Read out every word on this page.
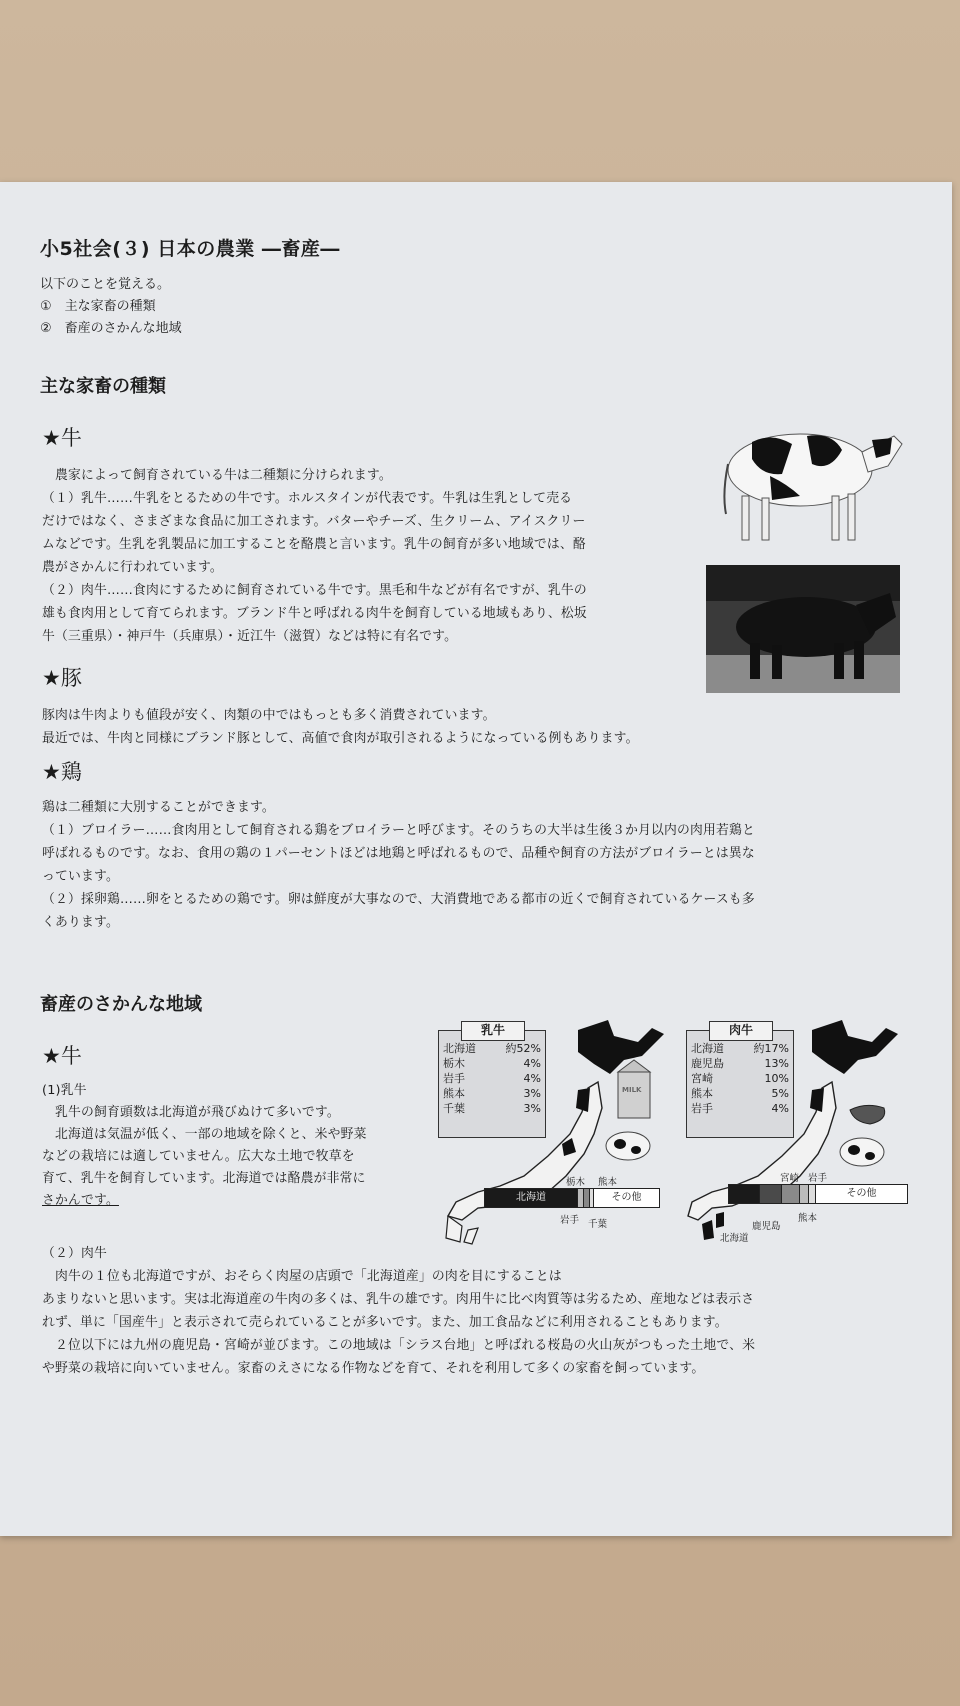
小5社会(３) 日本の農業 ―畜産―
以下のことを覚える。
①　主な家畜の種類
②　畜産のさかんな地域
主な家畜の種類
★牛

　農家によって飼育されている牛は二種類に分けられます。

（１）乳牛……牛乳をとるための牛です。ホルスタインが代表です。牛乳は生乳として売る

だけではなく、さまざまな食品に加工されます。バターやチーズ、生クリーム、アイスクリー

ムなどです。生乳を乳製品に加工することを酪農と言います。乳牛の飼育が多い地域では、酪

農がさかんに行われています。

（２）肉牛……食肉にするために飼育されている牛です。黒毛和牛などが有名ですが、乳牛の

雄も食肉用として育てられます。ブランド牛と呼ばれる肉牛を飼育している地域もあり、松坂

牛（三重県）・神戸牛（兵庫県）・近江牛（滋賀）などは特に有名です。

★豚

豚肉は牛肉よりも値段が安く、肉類の中ではもっとも多く消費されています。

最近では、牛肉と同様にブランド豚として、高値で食肉が取引されるようになっている例もあります。

★鶏

鶏は二種類に大別することができます。

（１）ブロイラー……食肉用として飼育される鶏をブロイラーと呼びます。そのうちの大半は生後３か月以内の肉用若鶏と

呼ばれるものです。なお、食用の鶏の１パーセントほどは地鶏と呼ばれるもので、品種や飼育の方法がブロイラーとは異な

っています。

（２）採卵鶏……卵をとるための鶏です。卵は鮮度が大事なので、大消費地である都市の近くで飼育されているケースも多

くあります。

畜産のさかんな地域
★牛

(1)乳牛

　乳牛の飼育頭数は北海道が飛びぬけて多いです。

　北海道は気温が低く、一部の地域を除くと、米や野菜

などの栽培には適していません。広大な土地で牧草を

育て、乳牛を飼育しています。北海道では酪農が非常に

さかんです。

（２）肉牛

　肉牛の１位も北海道ですが、おそらく肉屋の店頭で「北海道産」の肉を目にすることは

あまりないと思います。実は北海道産の牛肉の多くは、乳牛の雄です。肉用牛に比べ肉質等は劣るため、産地などは表示さ

れず、単に「国産牛」と表示されて売られていることが多いです。また、加工食品などに利用されることもあります。

　２位以下には九州の鹿児島・宮崎が並びます。この地域は「シラス台地」と呼ばれる桜島の火山灰がつもった土地で、米

や野菜の栽培に向いていません。家畜のえさになる作物などを育て、それを利用して多くの家畜を飼っています。

乳牛
北海道	約52%
栃木	4%
岩手	4%
熊本	3%
千葉	3%
MILK
北海道	その他
栃木 熊本
岩手 千葉
肉牛
北海道	約17%
鹿児島	13%
宮崎	10%
熊本	5%
岩手	4%
その他
宮崎 岩手
熊本
鹿児島
北海道
